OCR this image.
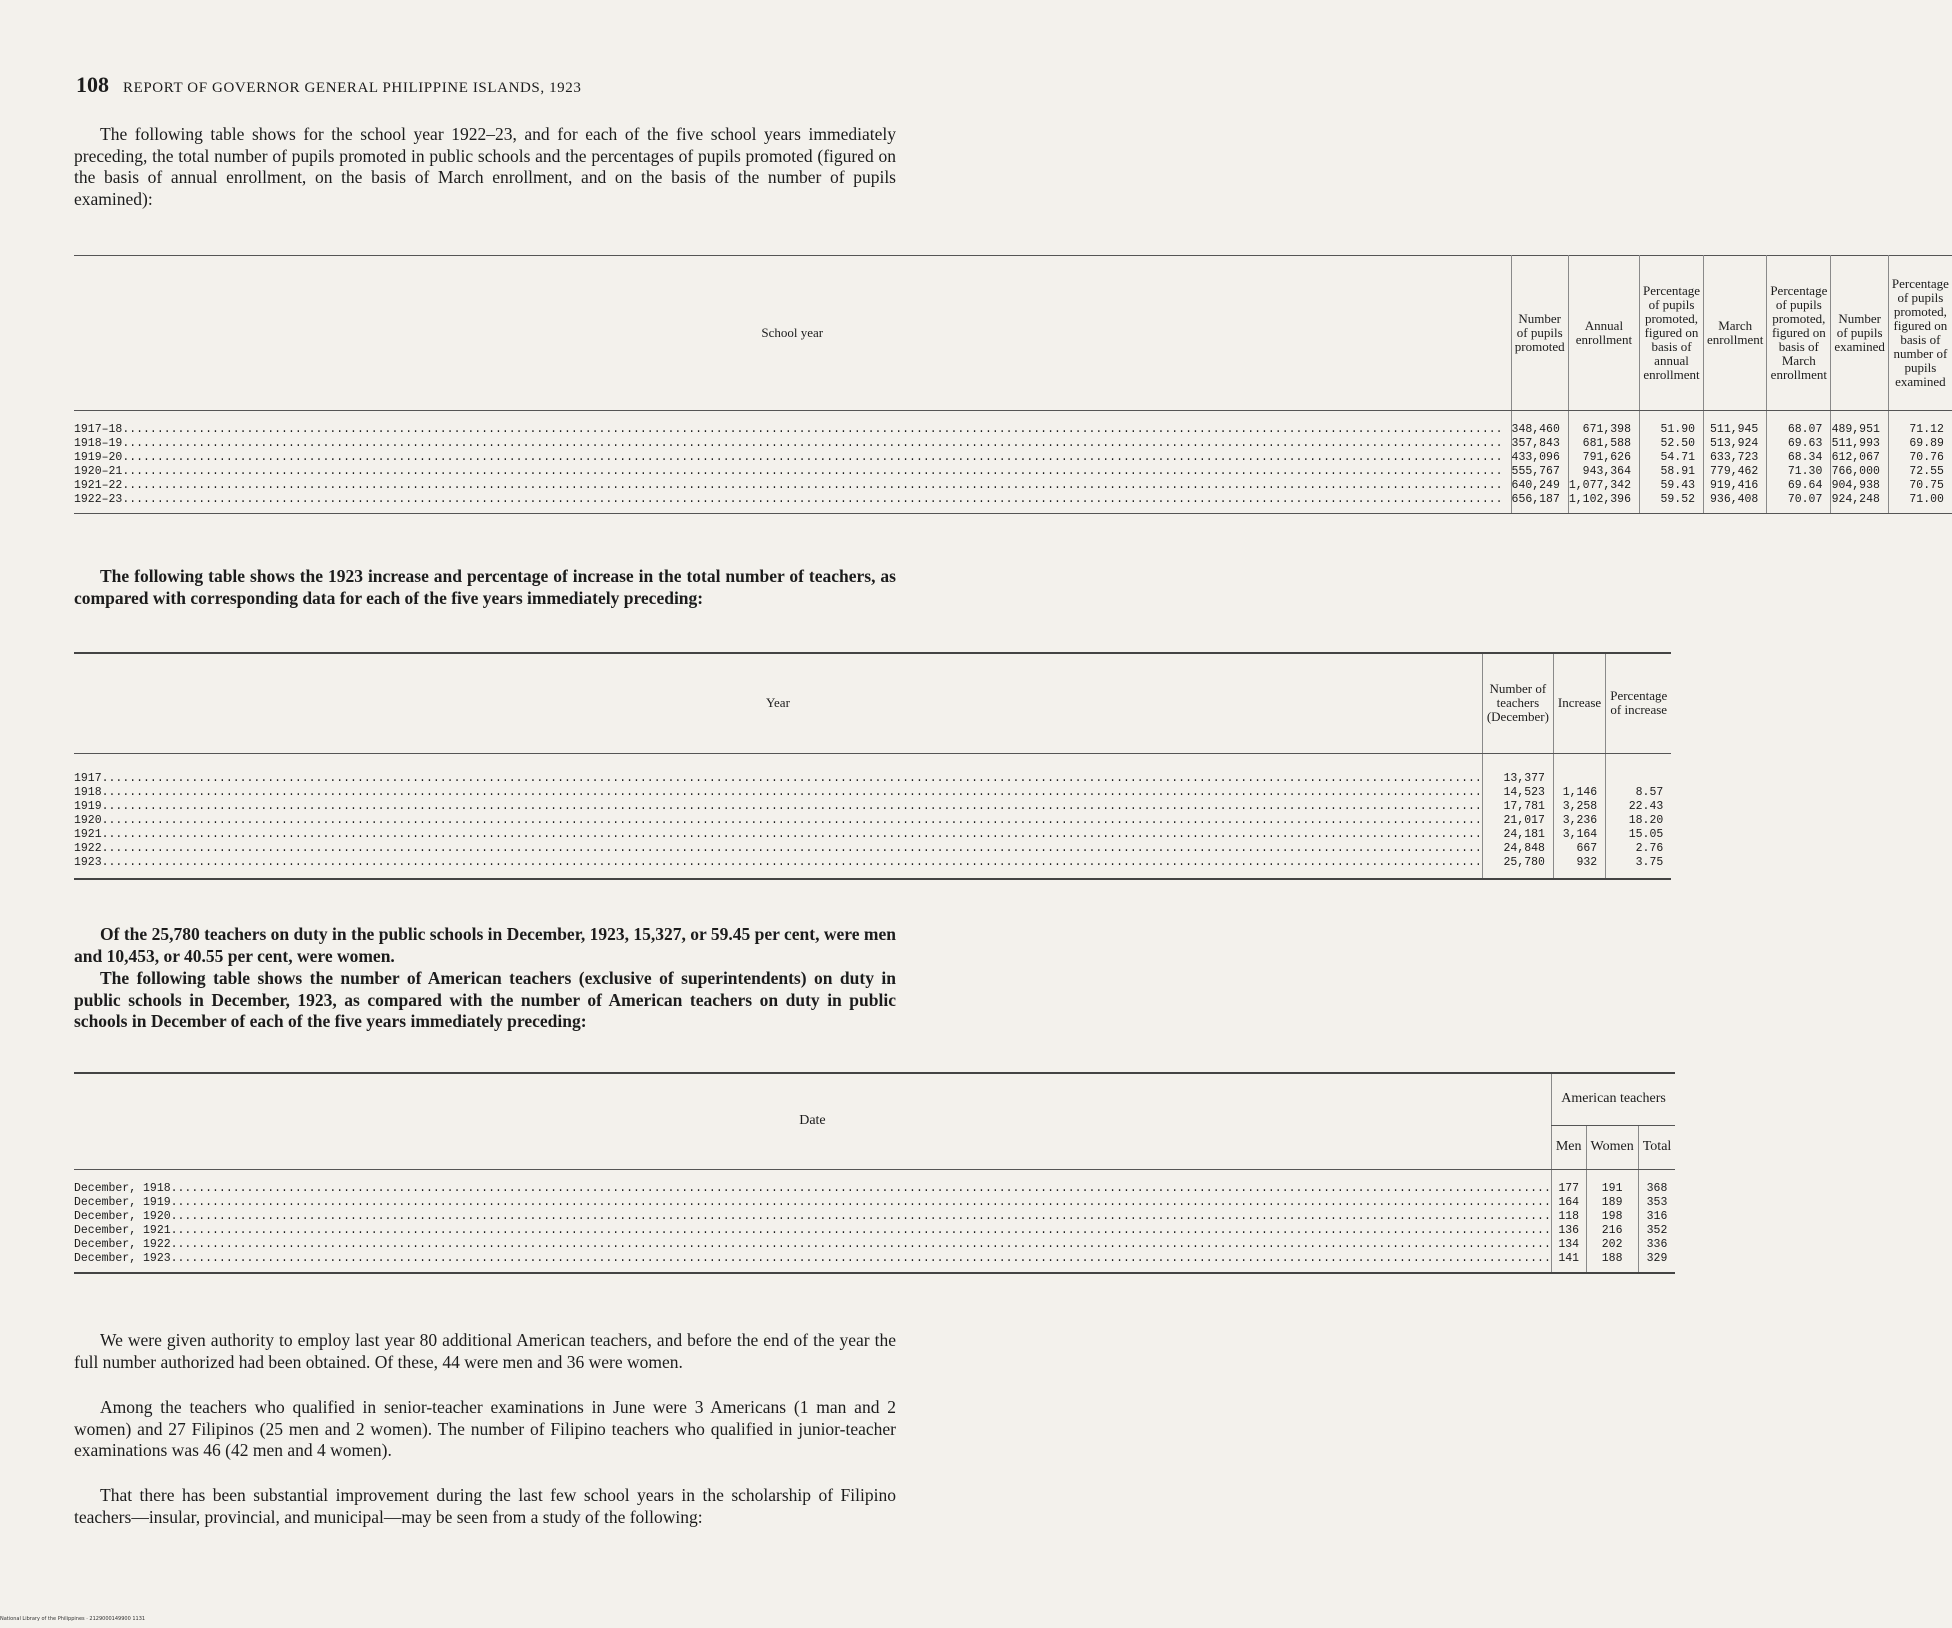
108 REPORT OF GOVERNOR GENERAL PHILIPPINE ISLANDS, 1923

The following table shows for the school year 1922–23, and for each of the five school years immediately preceding, the total number of pupils promoted in public schools and the percentages of pupils promoted (figured on the basis of annual enrollment, on the basis of March enrollment, and on the basis of the number of pupils examined):

School year	Number of pupils promoted	Annual enrollment	Percentage of pupils promoted, figured on basis of annual enrollment	March enrollment	Percentage of pupils promoted, figured on basis of March enrollment	Number of pupils examined	Percentage of pupils promoted, figured on basis of number of pupils examined
1917–18........................................................................................................................................................................................................	348,460	671,398	51.90	511,945	68.07	489,951	71.12
1918–19........................................................................................................................................................................................................	357,843	681,588	52.50	513,924	69.63	511,993	69.89
1919–20........................................................................................................................................................................................................	433,096	791,626	54.71	633,723	68.34	612,067	70.76
1920–21........................................................................................................................................................................................................	555,767	943,364	58.91	779,462	71.30	766,000	72.55
1921–22........................................................................................................................................................................................................	640,249	1,077,342	59.43	919,416	69.64	904,938	70.75
1922–23........................................................................................................................................................................................................	656,187	1,102,396	59.52	936,408	70.07	924,248	71.00

The following table shows the 1923 increase and percentage of increase in the total number of teachers, as compared with corresponding data for each of the five years immediately preceding:

Year	Number of teachers (December)	Increase	Percentage of increase
1917........................................................................................................................................................................................................	13,377		
1918........................................................................................................................................................................................................	14,523	1,146	8.57
1919........................................................................................................................................................................................................	17,781	3,258	22.43
1920........................................................................................................................................................................................................	21,017	3,236	18.20
1921........................................................................................................................................................................................................	24,181	3,164	15.05
1922........................................................................................................................................................................................................	24,848	667	2.76
1923........................................................................................................................................................................................................	25,780	932	3.75

Of the 25,780 teachers on duty in the public schools in December, 1923, 15,327, or 59.45 per cent, were men and 10,453, or 40.55 per cent, were women.

The following table shows the number of American teachers (exclusive of superintendents) on duty in public schools in December, 1923, as compared with the number of American teachers on duty in public schools in December of each of the five years immediately preceding:

Date	American teachers		
	Men	Women	Total
December, 1918........................................................................................................................................................................................................	177	191	368
December, 1919........................................................................................................................................................................................................	164	189	353
December, 1920........................................................................................................................................................................................................	118	198	316
December, 1921........................................................................................................................................................................................................	136	216	352
December, 1922........................................................................................................................................................................................................	134	202	336
December, 1923........................................................................................................................................................................................................	141	188	329

We were given authority to employ last year 80 additional American teachers, and before the end of the year the full number authorized had been obtained. Of these, 44 were men and 36 were women.

Among the teachers who qualified in senior-teacher examinations in June were 3 Americans (1 man and 2 women) and 27 Filipinos (25 men and 2 women). The number of Filipino teachers who qualified in junior-teacher examinations was 46 (42 men and 4 women).

That there has been substantial improvement during the last few school years in the scholarship of Filipino teachers—insular, provincial, and municipal—may be seen from a study of the following:

National Library of the Philippines · 2129000149900 1131
